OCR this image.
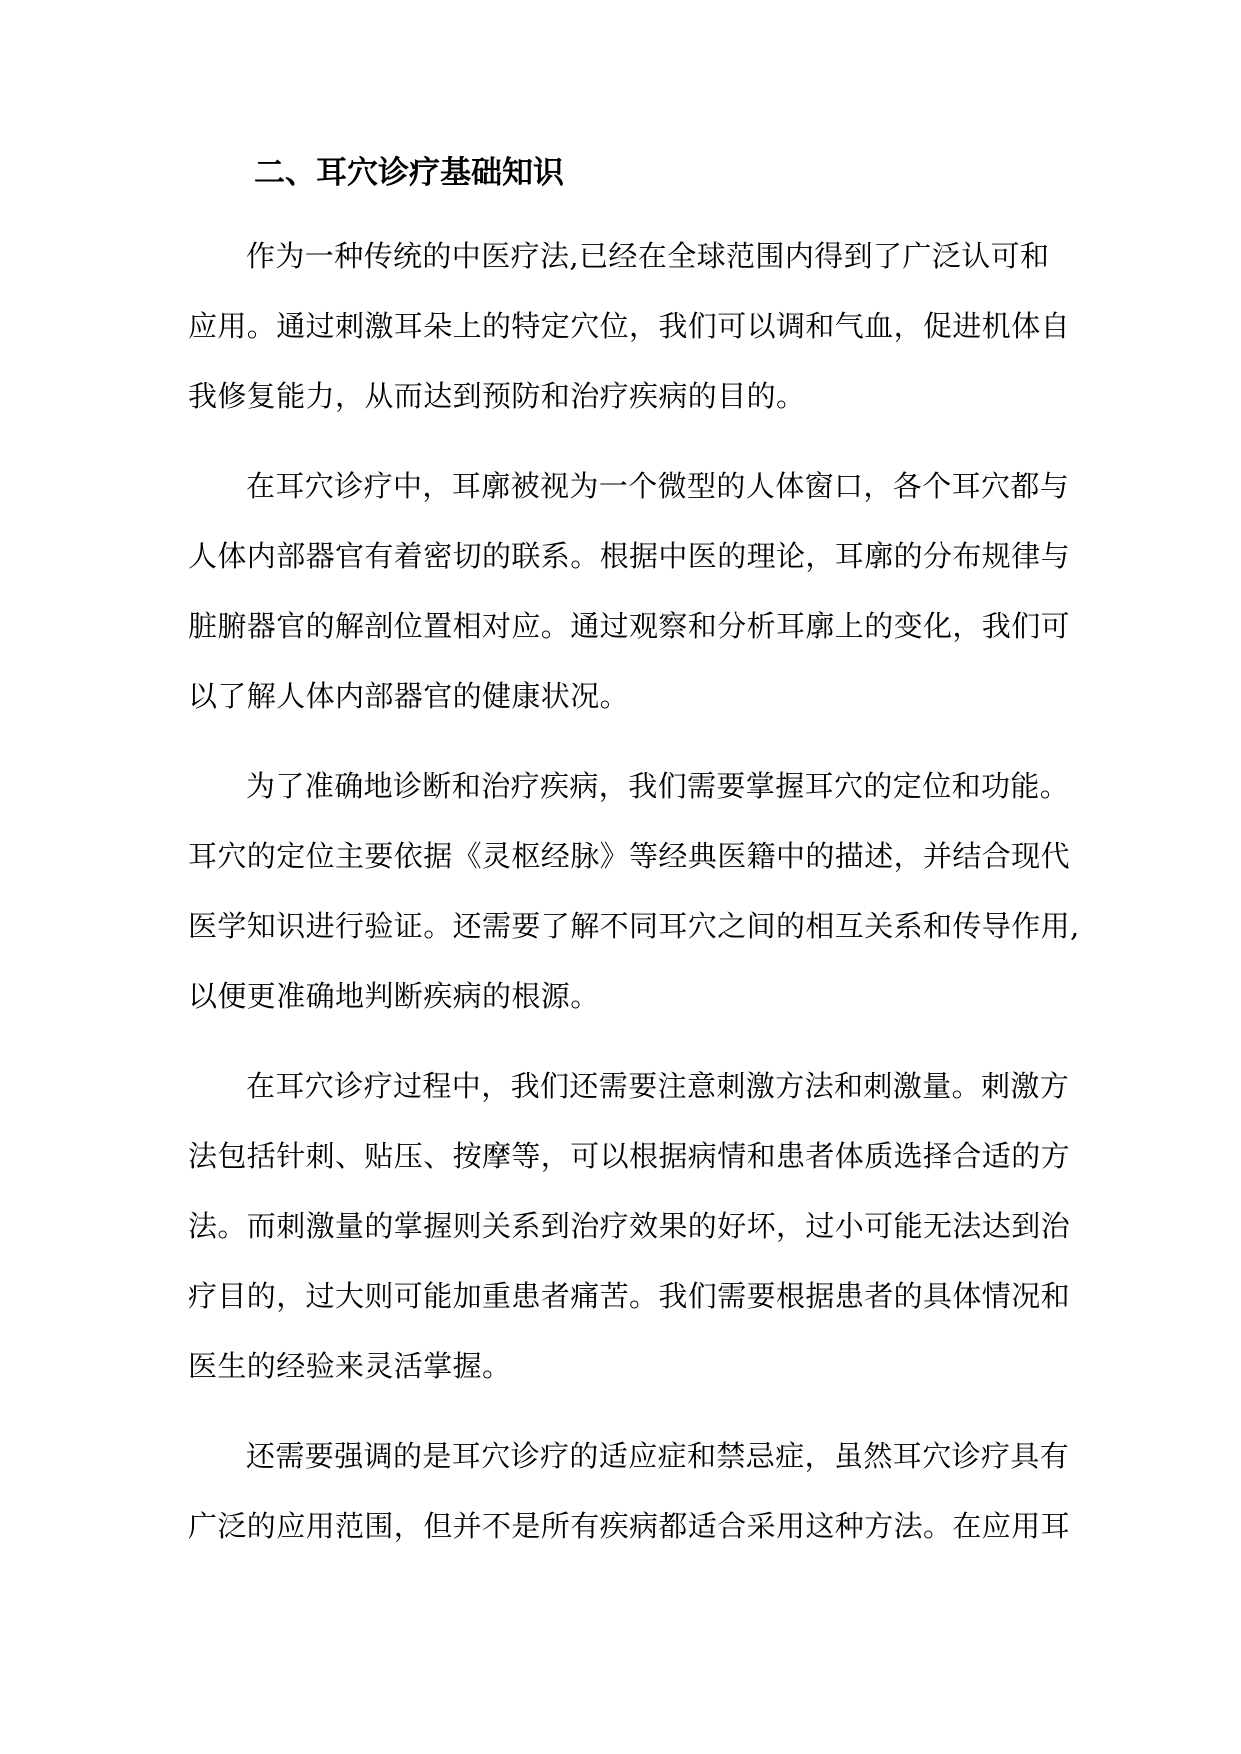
二、耳穴诊疗基础知识
作为一种传统的中医疗法,已经在全球范围内得到了广泛认可和
应用。通过刺激耳朵上的特定穴位，我们可以调和气血，促进机体自
我修复能力，从而达到预防和治疗疾病的目的。
在耳穴诊疗中，耳廓被视为一个微型的人体窗口，各个耳穴都与
人体内部器官有着密切的联系。根据中医的理论，耳廓的分布规律与
脏腑器官的解剖位置相对应。通过观察和分析耳廓上的变化，我们可
以了解人体内部器官的健康状况。
为了准确地诊断和治疗疾病，我们需要掌握耳穴的定位和功能。
耳穴的定位主要依据《灵枢经脉》等经典医籍中的描述，并结合现代
医学知识进行验证。还需要了解不同耳穴之间的相互关系和传导作用,
以便更准确地判断疾病的根源。
在耳穴诊疗过程中，我们还需要注意刺激方法和刺激量。刺激方
法包括针刺、贴压、按摩等，可以根据病情和患者体质选择合适的方
法。而刺激量的掌握则关系到治疗效果的好坏，过小可能无法达到治
疗目的，过大则可能加重患者痛苦。我们需要根据患者的具体情况和
医生的经验来灵活掌握。
还需要强调的是耳穴诊疗的适应症和禁忌症，虽然耳穴诊疗具有
广泛的应用范围，但并不是所有疾病都适合采用这种方法。在应用耳
